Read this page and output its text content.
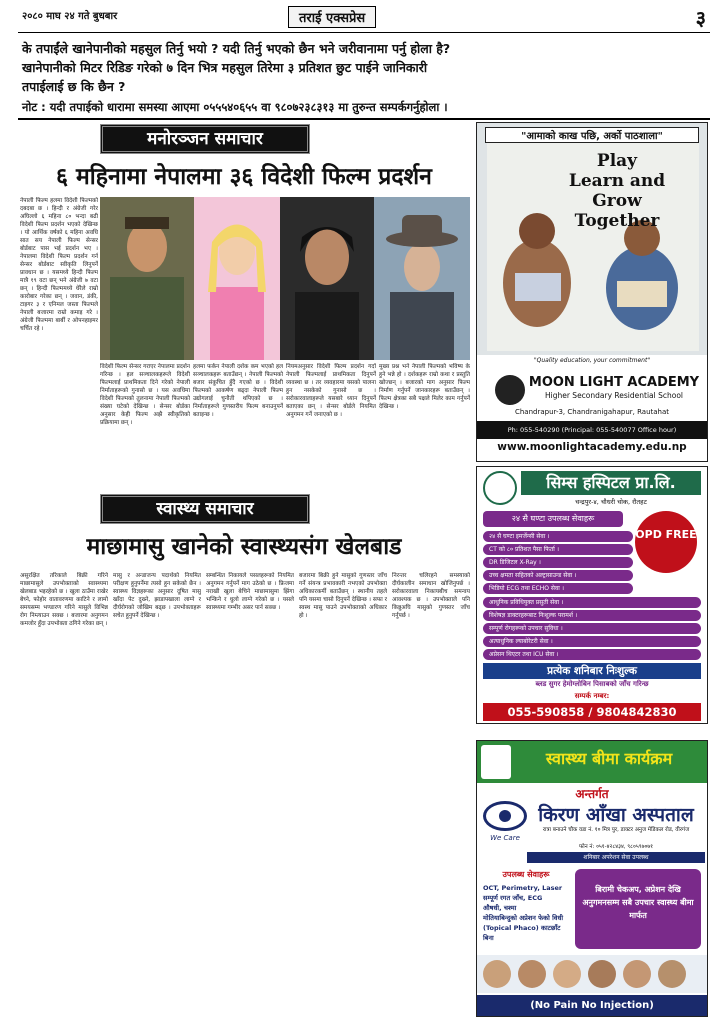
२०८० माघ २४ गते बुधबार	तराई एक्सप्रेस	३
के तपाईंले खानेपानीको महसुल तिर्नु भयो ? यदी तिर्नु भएको छैन भने जरीवानामा पर्नु होला है?
खानेपानीको मिटर रिडिङ गरेको ७ दिन भित्र महसुल तिरेमा ३ प्रतिशत छुट पाईने जानिकारी
तपाईलाई छ कि छैन ?
नोट : यदी तपाईको धारामा समस्या आएमा ०५५५४०६५५ वा ९८०७२३८३१३ मा तुरुन्त सम्पर्कगर्नुहोला ।
मनोरञ्जन समाचार
६ महिनामा नेपालमा ३६ विदेशी फिल्म प्रदर्शन
नेपाली फिल्म हलमा विदेशी फिल्मको दबदबा छ । हिन्दी र अंग्रेजी गरेर अघिल्लो ६ महिना ८० भन्दा बढी विदेशी फिल्म प्रदर्शन भएको देखिन्छ । यो आर्थिक वर्षको ६ महिना अवधि सात सय नेपाली फिल्म सेन्सर बोर्डबाट पास भई प्रदर्शन भए । नेपालमा विदेशी फिल्म प्रदर्शन गर्न सेन्सर बोर्डबाट स्वीकृति लिनुपर्ने प्रावधान छ । यसमध्ये हिन्दी फिल्म मात्रै १९ वटा छन् भने अंग्रेजी ७ वटा छन् । हिन्दी फिल्ममध्ये धेरैले राम्रो कारोबार गरेका छन् । जवान, डंकी, टाइगर ३ र एनिमल जस्ता फिल्मले नेपाली बजारमा राम्रो कमाइ गरे । अंग्रेजी फिल्ममा बार्बी र ओपनहाइमर चर्चित रहे ।
विदेशी फिल्म सेन्सर गराएर नेपालमा प्रदर्शन गरिन्छ । हल सञ्चालकहरूले विदेशी फिल्मलाई प्राथमिकता दिने गरेको नेपाली निर्माताहरूको गुनासो छ । यस अवधिमा विदेशी फिल्मको तुलनामा नेपाली फिल्मको संख्या घटेको देखिन्छ । सेन्सर बोर्डका अनुसार केही फिल्म अझै स्वीकृतिको प्रक्रियामा छन् ।
हलमा फर्कन नेपाली दर्शक कम भएको हल सञ्चालकहरू बताउँछन् । नेपाली फिल्मको बजार संकुचित हुँदै गएको छ । विदेशी फिल्मको आकर्षण बढ्दा नेपाली फिल्म उद्योगलाई चुनौती थपिएको छ । निर्माताहरूले गुणस्तरीय फिल्म बनाउनुपर्ने बताइन्छ ।
नियमअनुसार विदेशी फिल्म प्रदर्शन गर्दा नेपाली फिल्मलाई प्राथमिकता दिनुपर्ने व्यवस्था छ । तर व्यवहारमा यसको पालना हुन नसकेको गुनासो छ । सरोकारवालाहरूले यसबारे ध्यान दिनुपर्ने बताएका छन् । सेन्सर बोर्डले नियमित अनुगमन गर्ने जनाएको छ ।
मुख्य प्रश्न भने नेपाली फिल्मको भविष्य के हुने भन्ने हो । दर्शकहरू राम्रो कथा र प्रस्तुति खोज्छन् । बजारको माग अनुसार फिल्म निर्माण गर्नुपर्ने जानकारहरू बताउँछन् । फिल्म क्षेत्रका सबै पक्षले मिलेर काम गर्नुपर्ने देखिन्छ ।
स्वास्थ्य समाचार
माछामासु खानेको स्वास्थ्यसंग खेलबाड
असुरक्षित तरिकाले बिक्री गरिने माछामासुले उपभोक्ताको स्वास्थ्यमा खेलबाड भइरहेको छ । खुला ठाउँमा राखेर बेच्ने, फोहोर वातावरणमा काटिने र लामो समयसम्म भण्डारण गरिने मासुले विभिन्न रोग निम्त्याउन सक्छ । बजारमा अनुगमन कमजोर हुँदा उपभोक्ता ठगिने गरेका छन् ।
मासु र अन्डाजन्य पदार्थको नियमित परीक्षण हुनुपर्नेमा त्यसो हुन सकेको छैन । स्वास्थ्य विज्ञहरूका अनुसार दूषित मासु खाँदा पेट दुख्ने, झाडापखाला लाग्ने र दीर्घरोगको जोखिम बढ्छ । उपभोक्ताहरू सचेत हुनुपर्ने देखिन्छ ।
सम्बन्धित निकायले पसलहरूको नियमित अनुगमन गर्नुपर्ने माग उठेको छ । फ्रिजमा नराखी खुला बेचिने माछामासुमा झिंगा भन्किने र धुलो लाग्ने गरेको छ । यसले स्वास्थ्यमा गम्भीर असर पार्न सक्छ ।
बजारमा बिक्री हुने मासुको गुणस्तर जाँच गर्ने संयन्त्र प्रभावकारी नभएको उपभोक्ता अधिकारकर्मी बताउँछन् । स्थानीय तहले पनि यसमा चासो दिनुपर्ने देखिन्छ । सफा र स्वस्थ मासु पाउने उपभोक्ताको अधिकार हो ।
निरन्तर चलिरहने समस्याको दीर्घकालीन समाधान खोजिनुपर्छ । सरोकारवाला निकायबीच समन्वय आवश्यक छ । उपभोक्ताले पनि किन्नुअघि मासुको गुणस्तर जाँच गर्नुपर्छ ।
"आमाको काख पछि, अर्को पाठशाला"
Play
Learn and
Grow
Together
"Quality education, your commitment"
MOON LIGHT ACADEMY
Higher Secondary Residential School
Chandrapur-3, Chandranigahapur, Rautahat
Ph: 055-540290 (Principal: 055-540077 Office hour)
www.moonlightacademy.edu.np
सिम्स हस्पिटल प्रा.लि.
चन्द्रपुर-४, चौधरी चोक, रौतहट
२४ सै घण्टा उपलब्ध सेवाहरू
OPD FREE
२४ सै घण्टा इमर्जेन्सी सेवा ।
CT को ८० प्रतिशत पैसा फिर्ता ।
DR डिजिटल X-Ray ।
उच्च क्षमता सहितको अल्ट्रासाउन्ड सेवा ।
भिडियो ECG तथा ECHO सेवा ।
आधुनिक प्रविधियुक्त प्रसुती सेवा ।
विशेषज्ञ डाक्टरहरूबाट निःशुल्क परामर्श ।
सम्पूर्ण रोगहरूको उपचार सुविधा ।
अत्याधुनिक ल्याबोरेटरी सेवा ।
अप्रेसन थिएटर तथा ICU सेवा ।
प्रत्येक शनिबार निःशुल्क
ब्लड सुगर हेमोग्लोबिन पिसाबको जाँच गरिन्छ
सम्पर्क नम्बर:
055-590858 / 9804842830
स्वास्थ्य बीमा कार्यक्रम
अन्तर्गत
We Care
किरण आँखा अस्पताल
रात्रा बनाउने चौक वडा नं. १० मित्र पुर, डाक्टर अनुज मेडिकल रोड, वीरगंज
फोन नं: ०५१-४२८४३४, ९८०५९७०७१
शनिबार अपरेशन सेवा उपलब्ध
उपलब्ध सेवाहरू
OCT, Perimetry, Laser
सम्पूर्ण रगत जाँच, ECG
औषधी, चश्मा
मोतियाबिन्दुको अप्रेशन फेको विधी (Topical Phaco) काटछाँट बिना
बिरामी चेकअप, अप्रेशन देखि अनुगमनसम्म सबै उपचार स्वास्थ्य बीमा मार्फत
(No Pain No Injection)
